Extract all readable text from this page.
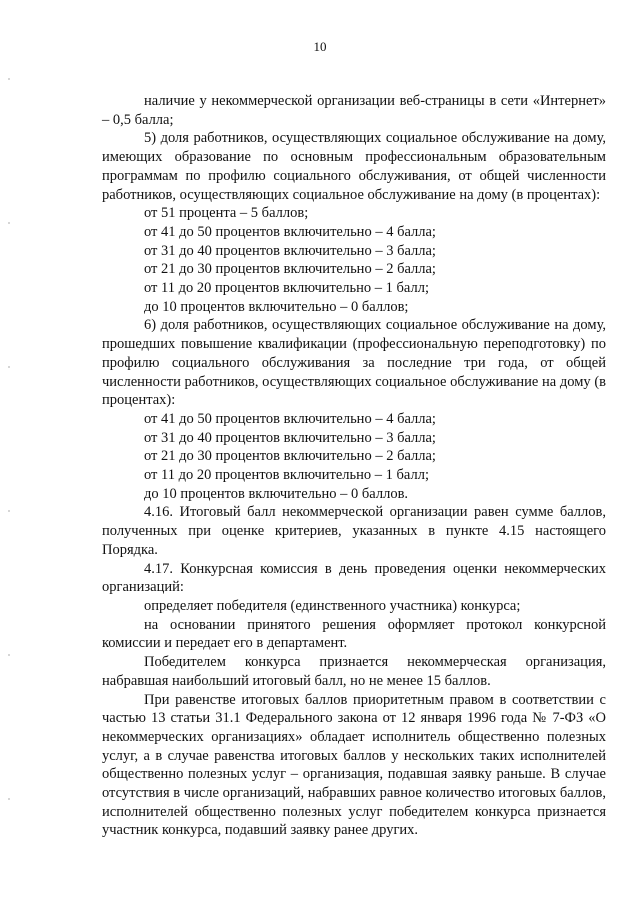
10

наличие у некоммерческой организации веб-страницы в сети «Интернет» – 0,5 балла;

5) доля работников, осуществляющих социальное обслуживание на дому, имеющих образование по основным профессиональным образовательным программам по профилю социального обслуживания, от общей численности работников, осуществляющих социальное обслуживание на дому (в процентах):

от 51 процента – 5 баллов;

от 41 до 50 процентов включительно – 4 балла;

от 31 до 40 процентов включительно – 3 балла;

от 21 до 30 процентов включительно – 2 балла;

от 11 до 20 процентов включительно – 1 балл;

до 10 процентов включительно – 0 баллов;

6) доля работников, осуществляющих социальное обслуживание на дому, прошедших повышение квалификации (профессиональную переподготовку) по профилю социального обслуживания за последние три года, от общей численности работников, осуществляющих социальное обслуживание на дому (в процентах):

от 41 до 50 процентов включительно – 4 балла;

от 31 до 40 процентов включительно – 3 балла;

от 21 до 30 процентов включительно – 2 балла;

от 11 до 20 процентов включительно – 1 балл;

до 10 процентов включительно – 0 баллов.

4.16. Итоговый балл некоммерческой организации равен сумме баллов, полученных при оценке критериев, указанных в пункте 4.15 настоящего Порядка.

4.17. Конкурсная комиссия в день проведения оценки некоммерческих организаций:

определяет победителя (единственного участника) конкурса;

на основании принятого решения оформляет протокол конкурсной комиссии и передает его в департамент.

Победителем конкурса признается некоммерческая организация, набравшая наибольший итоговый балл, но не менее 15 баллов.

При равенстве итоговых баллов приоритетным правом в соответствии с частью 13 статьи 31.1 Федерального закона от 12 января 1996 года № 7-ФЗ «О некоммерческих организациях» обладает исполнитель общественно полезных услуг, а в случае равенства итоговых баллов у нескольких таких исполнителей общественно полезных услуг – организация, подавшая заявку раньше. В случае отсутствия в числе организаций, набравших равное количество итоговых баллов, исполнителей общественно полезных услуг победителем конкурса признается участник конкурса, подавший заявку ранее других.
